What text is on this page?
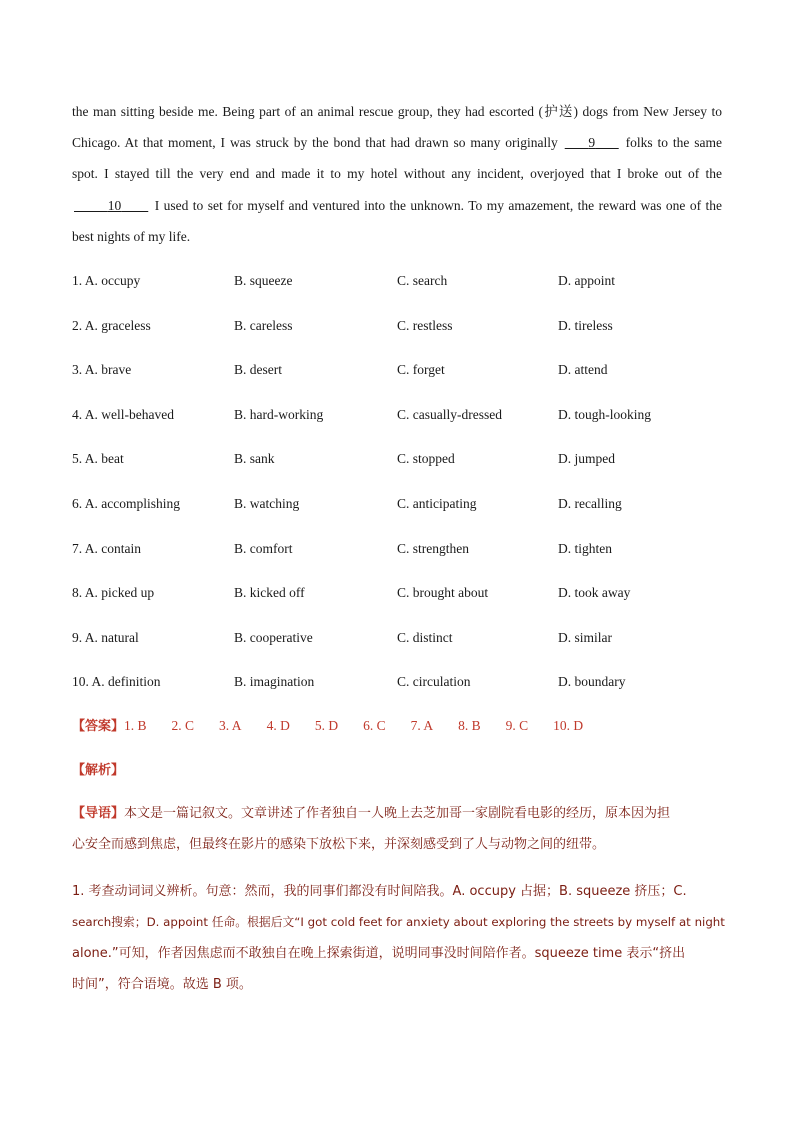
the man sitting beside me. Being part of an animal rescue group, they had escorted (护送) dogs from New Jersey to
Chicago. At that moment, I was struck by the bond that had drawn so many originally 9 folks to the same
spot. I stayed till the very end and made it to my hotel without any incident, overjoyed that I broke out of the
10 I used to set for myself and ventured into the unknown. To my amazement, the reward was one of the
best nights of my life.
1. A. occupy	B. squeeze	C. search	D. appoint
2. A. graceless	B. careless	C. restless	D. tireless
3. A. brave	B. desert	C. forget	D. attend
4. A. well-behaved	B. hard-working	C. casually-dressed	D. tough-looking
5. A. beat	B. sank	C. stopped	D. jumped
6. A. accomplishing	B. watching	C. anticipating	D. recalling
7. A. contain	B. comfort	C. strengthen	D. tighten
8. A. picked up	B. kicked off	C. brought about	D. took away
9. A. natural	B. cooperative	C. distinct	D. similar
10. A. definition	B. imagination	C. circulation	D. boundary
【答案】1. B 2. C 3. A 4. D 5. D 6. C 7. A 8. B 9. C 10. D
【解析】
【导语】本文是一篇记叙文。文章讲述了作者独自一人晚上去芝加哥一家剧院看电影的经历，原本因为担
心安全而感到焦虑，但最终在影片的感染下放松下来，并深刻感受到了人与动物之间的纽带。
1. 考查动词词义辨析。句意：然而，我的同事们都没有时间陪我。A. occupy 占据；B. squeeze 挤压；C.
search搜索；D. appoint 任命。根据后文“I got cold feet for anxiety about exploring the streets by myself at night
alone.”可知，作者因焦虑而不敢独自在晚上探索街道，说明同事没时间陪作者。squeeze time 表示“挤出
时间”，符合语境。故选 B 项。
